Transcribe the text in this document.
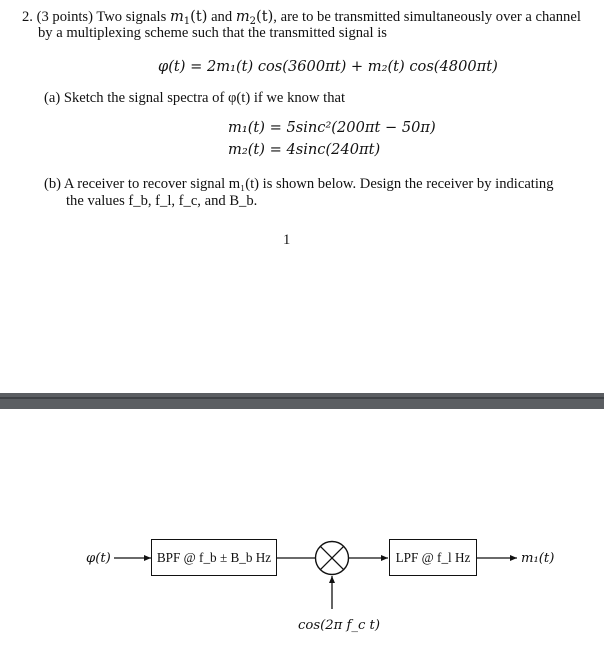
2. (3 points) Two signals $m_1(t)$ and $m_2(t)$, are to be transmitted simultaneously over a channel
by a multiplexing scheme such that the transmitted signal is
φ(t) = 2m₁(t) cos(3600πt) + m₂(t) cos(4800πt)
(a) Sketch the signal spectra of φ(t) if we know that
m₁(t) = 5sinc²(200πt − 50π)
m₂(t) = 4sinc(240πt)
(b) A receiver to recover signal m₁(t) is shown below. Design the receiver by indicating
the values f_b, f_l, f_c, and B_b.
1
φ(t)	BPF @ f_b ± B_b Hz	LPF @ f_l Hz	m₁(t)
cos(2π f_c t)
